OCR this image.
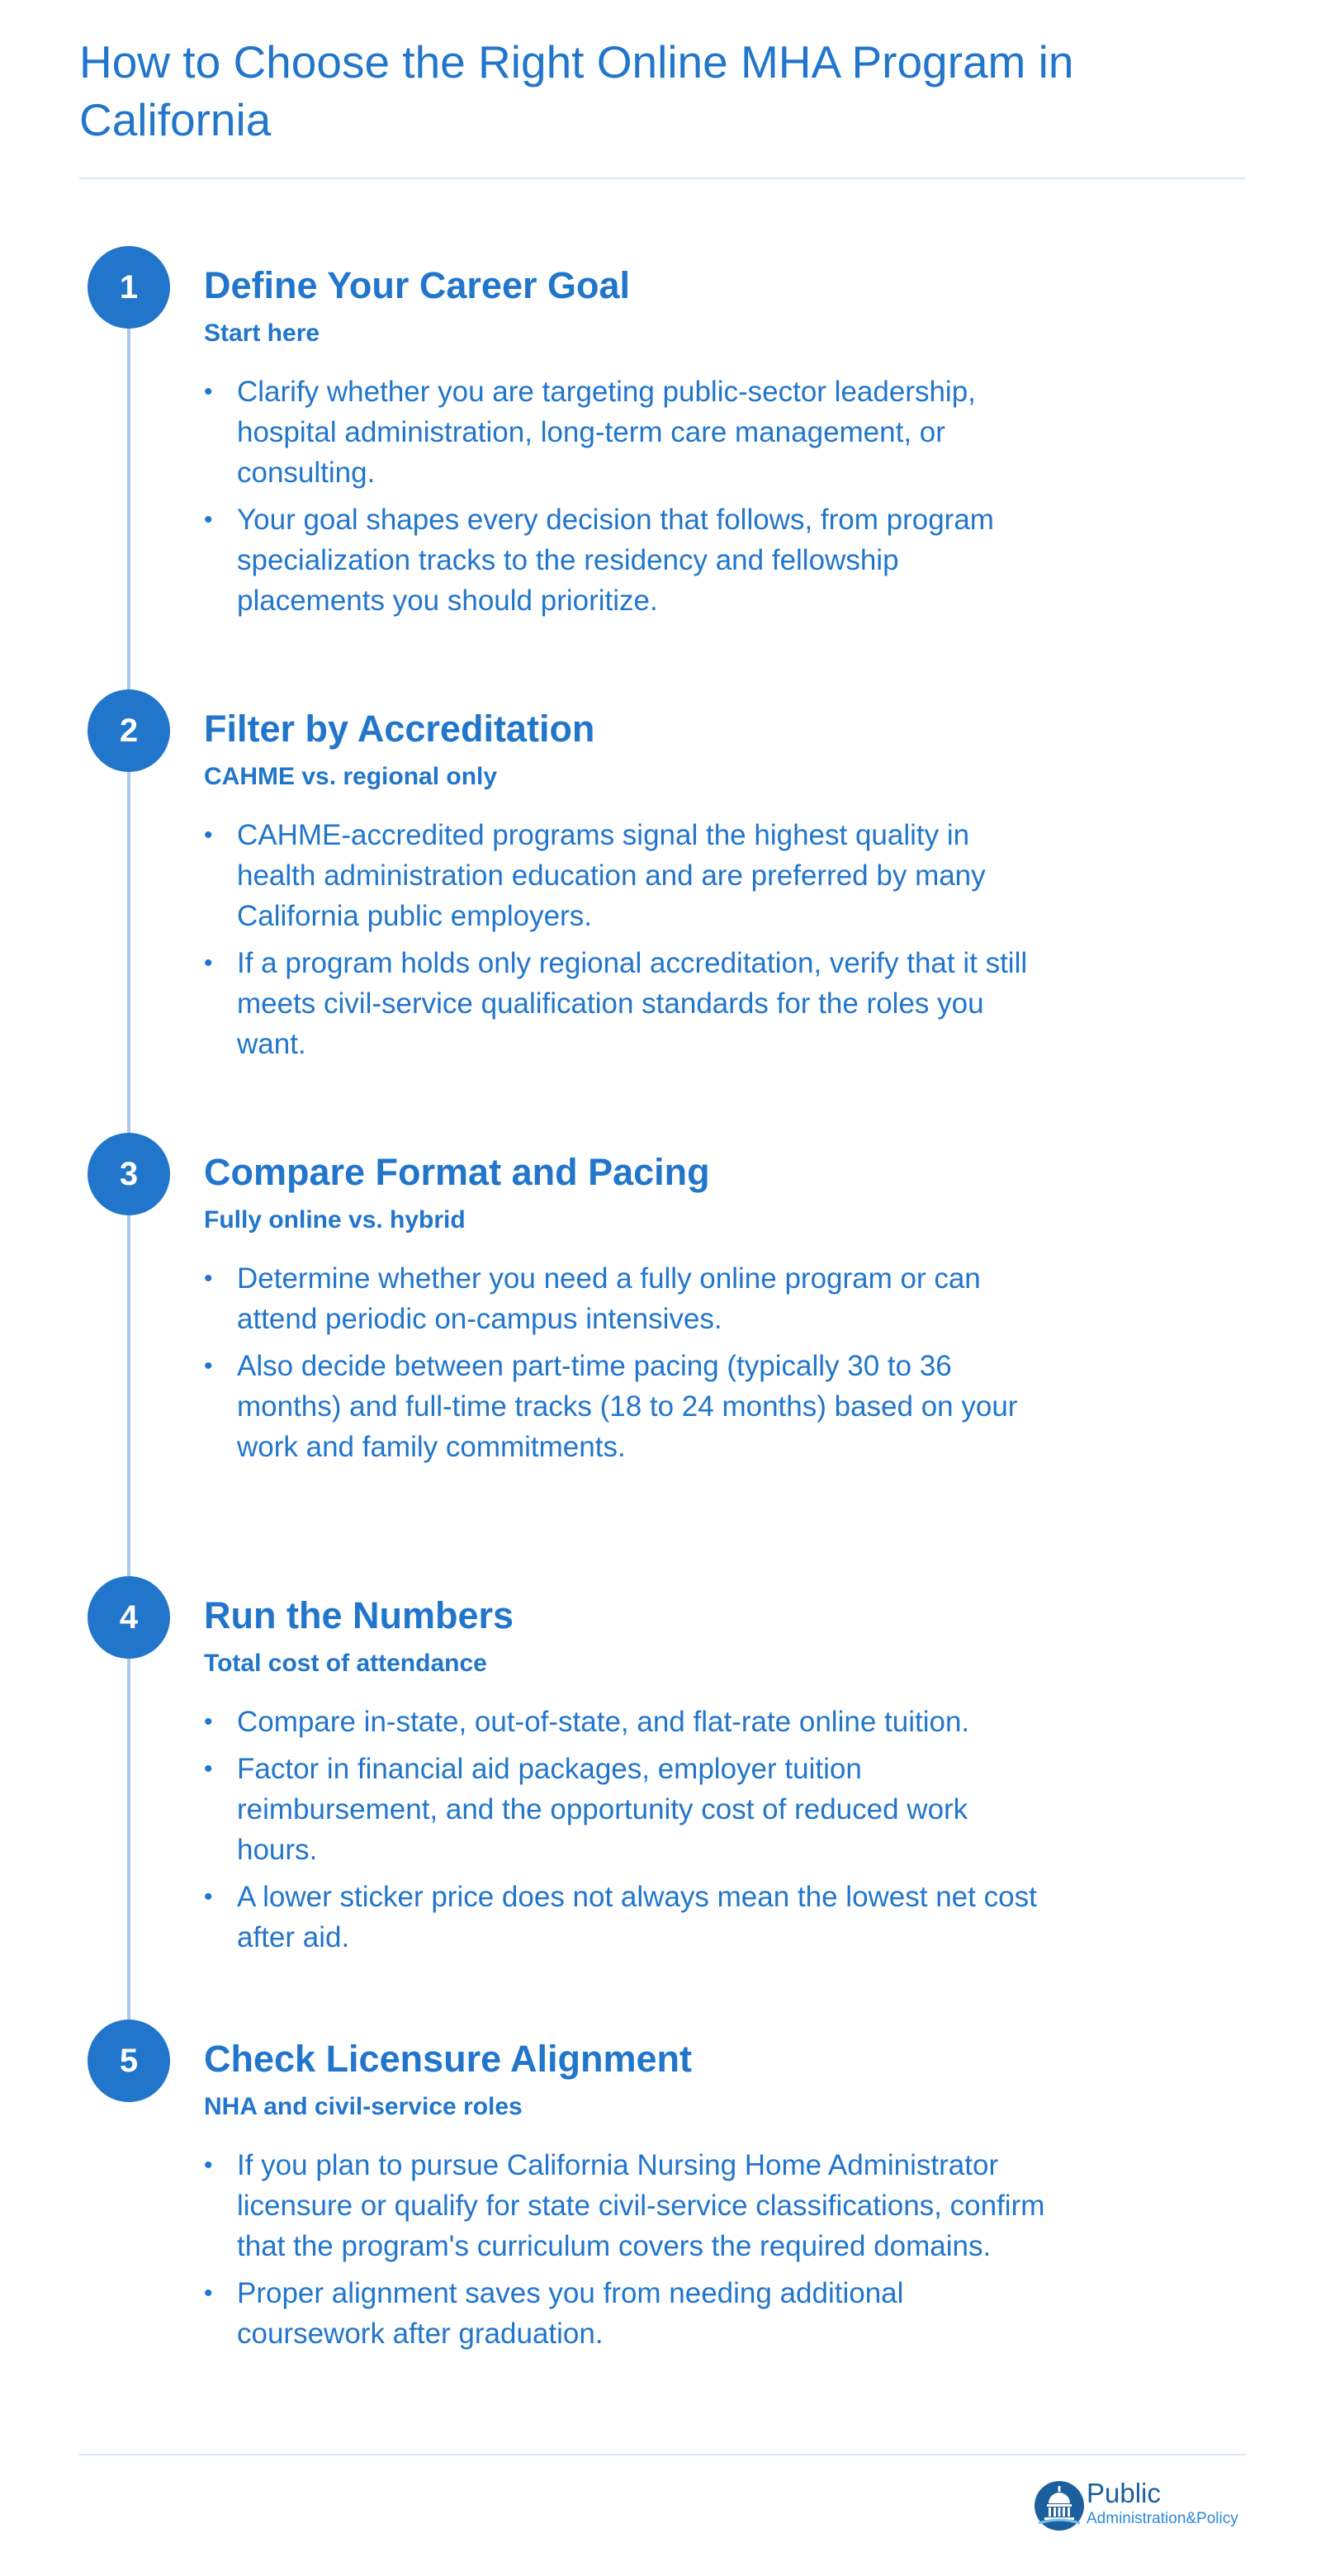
How to Choose the Right Online MHA Program in California
1	Define Your Career Goal
Start here
• Clarify whether you are targeting public-sector leadership, hospital administration, long-term care management, or consulting.
• Your goal shapes every decision that follows, from program specialization tracks to the residency and fellowship placements you should prioritize.
2	Filter by Accreditation
CAHME vs. regional only
• CAHME-accredited programs signal the highest quality in health administration education and are preferred by many California public employers.
• If a program holds only regional accreditation, verify that it still meets civil-service qualification standards for the roles you want.
3	Compare Format and Pacing
Fully online vs. hybrid
• Determine whether you need a fully online program or can attend periodic on-campus intensives.
• Also decide between part-time pacing (typically 30 to 36 months) and full-time tracks (18 to 24 months) based on your work and family commitments.
4	Run the Numbers
Total cost of attendance
• Compare in-state, out-of-state, and flat-rate online tuition.
• Factor in financial aid packages, employer tuition reimbursement, and the opportunity cost of reduced work hours.
• A lower sticker price does not always mean the lowest net cost after aid.
5	Check Licensure Alignment
NHA and civil-service roles
• If you plan to pursue California Nursing Home Administrator licensure or qualify for state civil-service classifications, confirm that the program's curriculum covers the required domains.
• Proper alignment saves you from needing additional coursework after graduation.
Public
Administration&Policy
